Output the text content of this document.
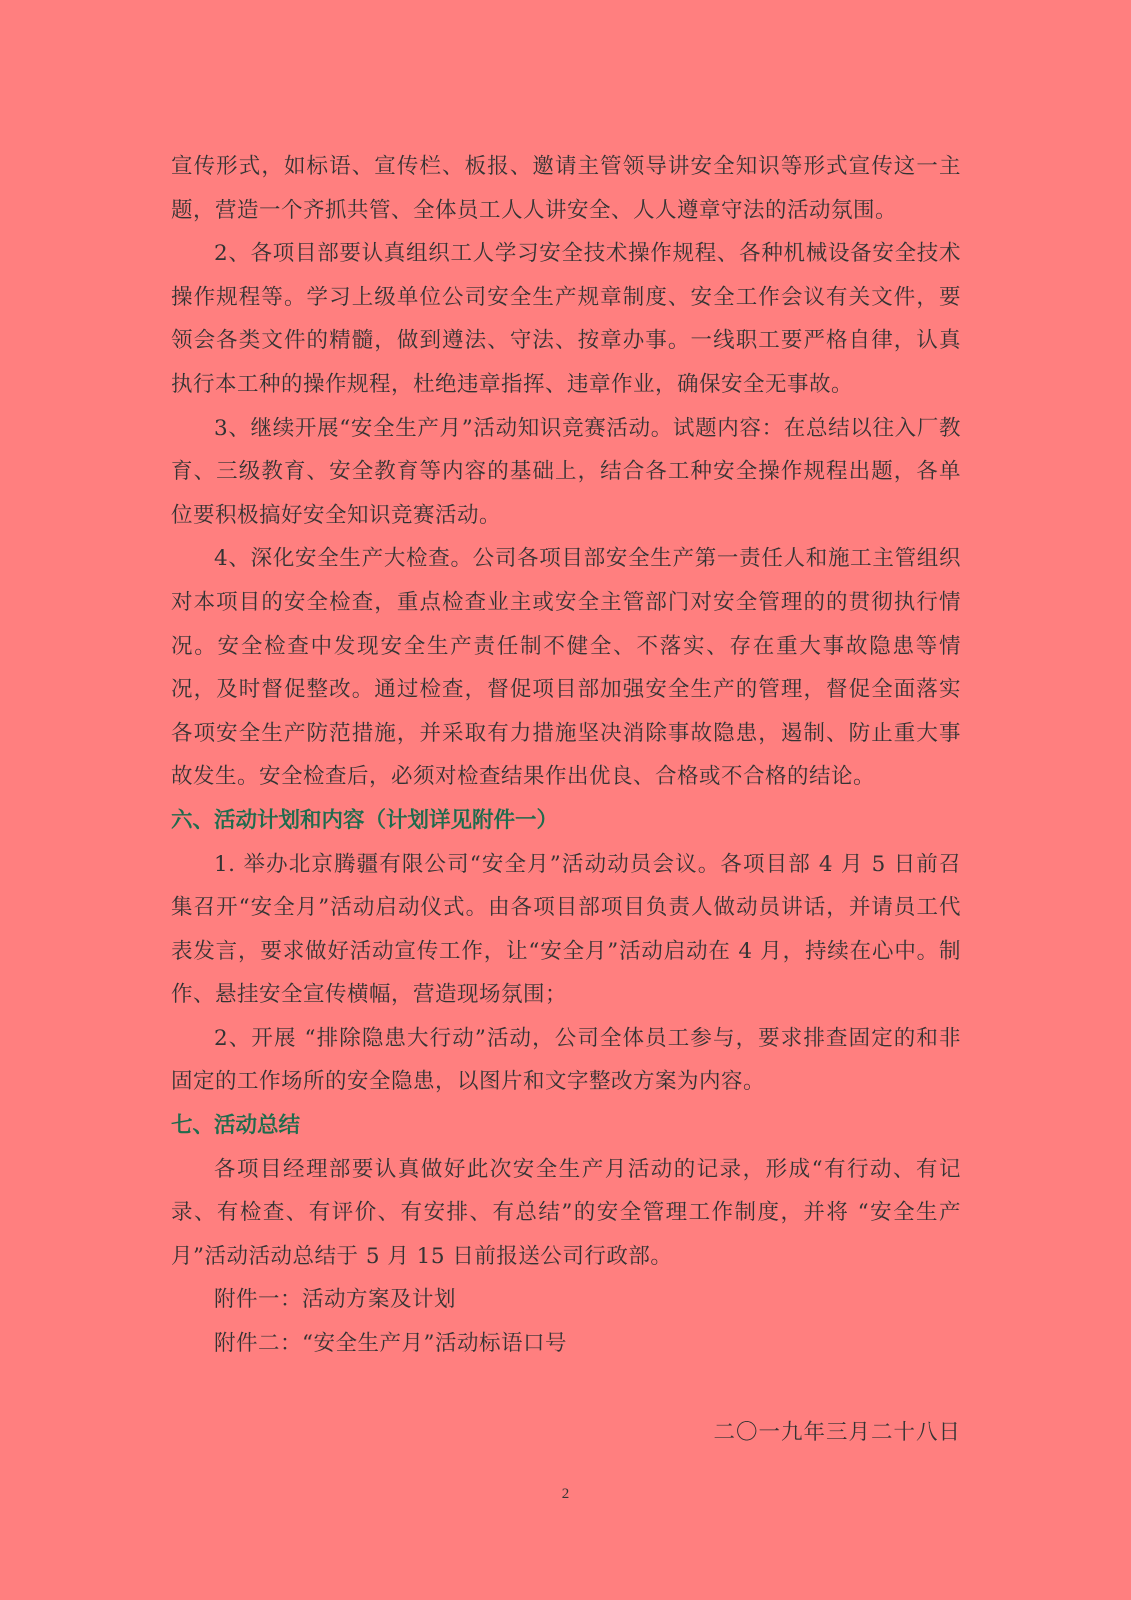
宣传形式，如标语、宣传栏、板报、邀请主管领导讲安全知识等形式宣传这一主题，营造一个齐抓共管、全体员工人人讲安全、人人遵章守法的活动氛围。

2、各项目部要认真组织工人学习安全技术操作规程、各种机械设备安全技术操作规程等。学习上级单位公司安全生产规章制度、安全工作会议有关文件，要领会各类文件的精髓，做到遵法、守法、按章办事。一线职工要严格自律，认真执行本工种的操作规程，杜绝违章指挥、违章作业，确保安全无事故。

3、继续开展“安全生产月”活动知识竞赛活动。试题内容：在总结以往入厂教育、三级教育、安全教育等内容的基础上，结合各工种安全操作规程出题，各单位要积极搞好安全知识竞赛活动。

4、深化安全生产大检查。公司各项目部安全生产第一责任人和施工主管组织对本项目的安全检查，重点检查业主或安全主管部门对安全管理的的贯彻执行情况。安全检查中发现安全生产责任制不健全、不落实、存在重大事故隐患等情况，及时督促整改。通过检查，督促项目部加强安全生产的管理，督促全面落实各项安全生产防范措施，并采取有力措施坚决消除事故隐患，遏制、防止重大事故发生。安全检查后，必须对检查结果作出优良、合格或不合格的结论。

六、活动计划和内容（计划详见附件一）

1. 举办北京腾疆有限公司“安全月”活动动员会议。各项目部 4 月 5 日前召集召开“安全月”活动启动仪式。由各项目部项目负责人做动员讲话，并请员工代表发言，要求做好活动宣传工作，让“安全月”活动启动在 4 月，持续在心中。制作、悬挂安全宣传横幅，营造现场氛围；

2、开展 “排除隐患大行动”活动，公司全体员工参与，要求排查固定的和非固定的工作场所的安全隐患，以图片和文字整改方案为内容。

七、活动总结

各项目经理部要认真做好此次安全生产月活动的记录，形成“有行动、有记录、有检查、有评价、有安排、有总结”的安全管理工作制度，并将 “安全生产月”活动活动总结于 5 月 15 日前报送公司行政部。

附件一：活动方案及计划

附件二：“安全生产月”活动标语口号

二〇一九年三月二十八日
2
